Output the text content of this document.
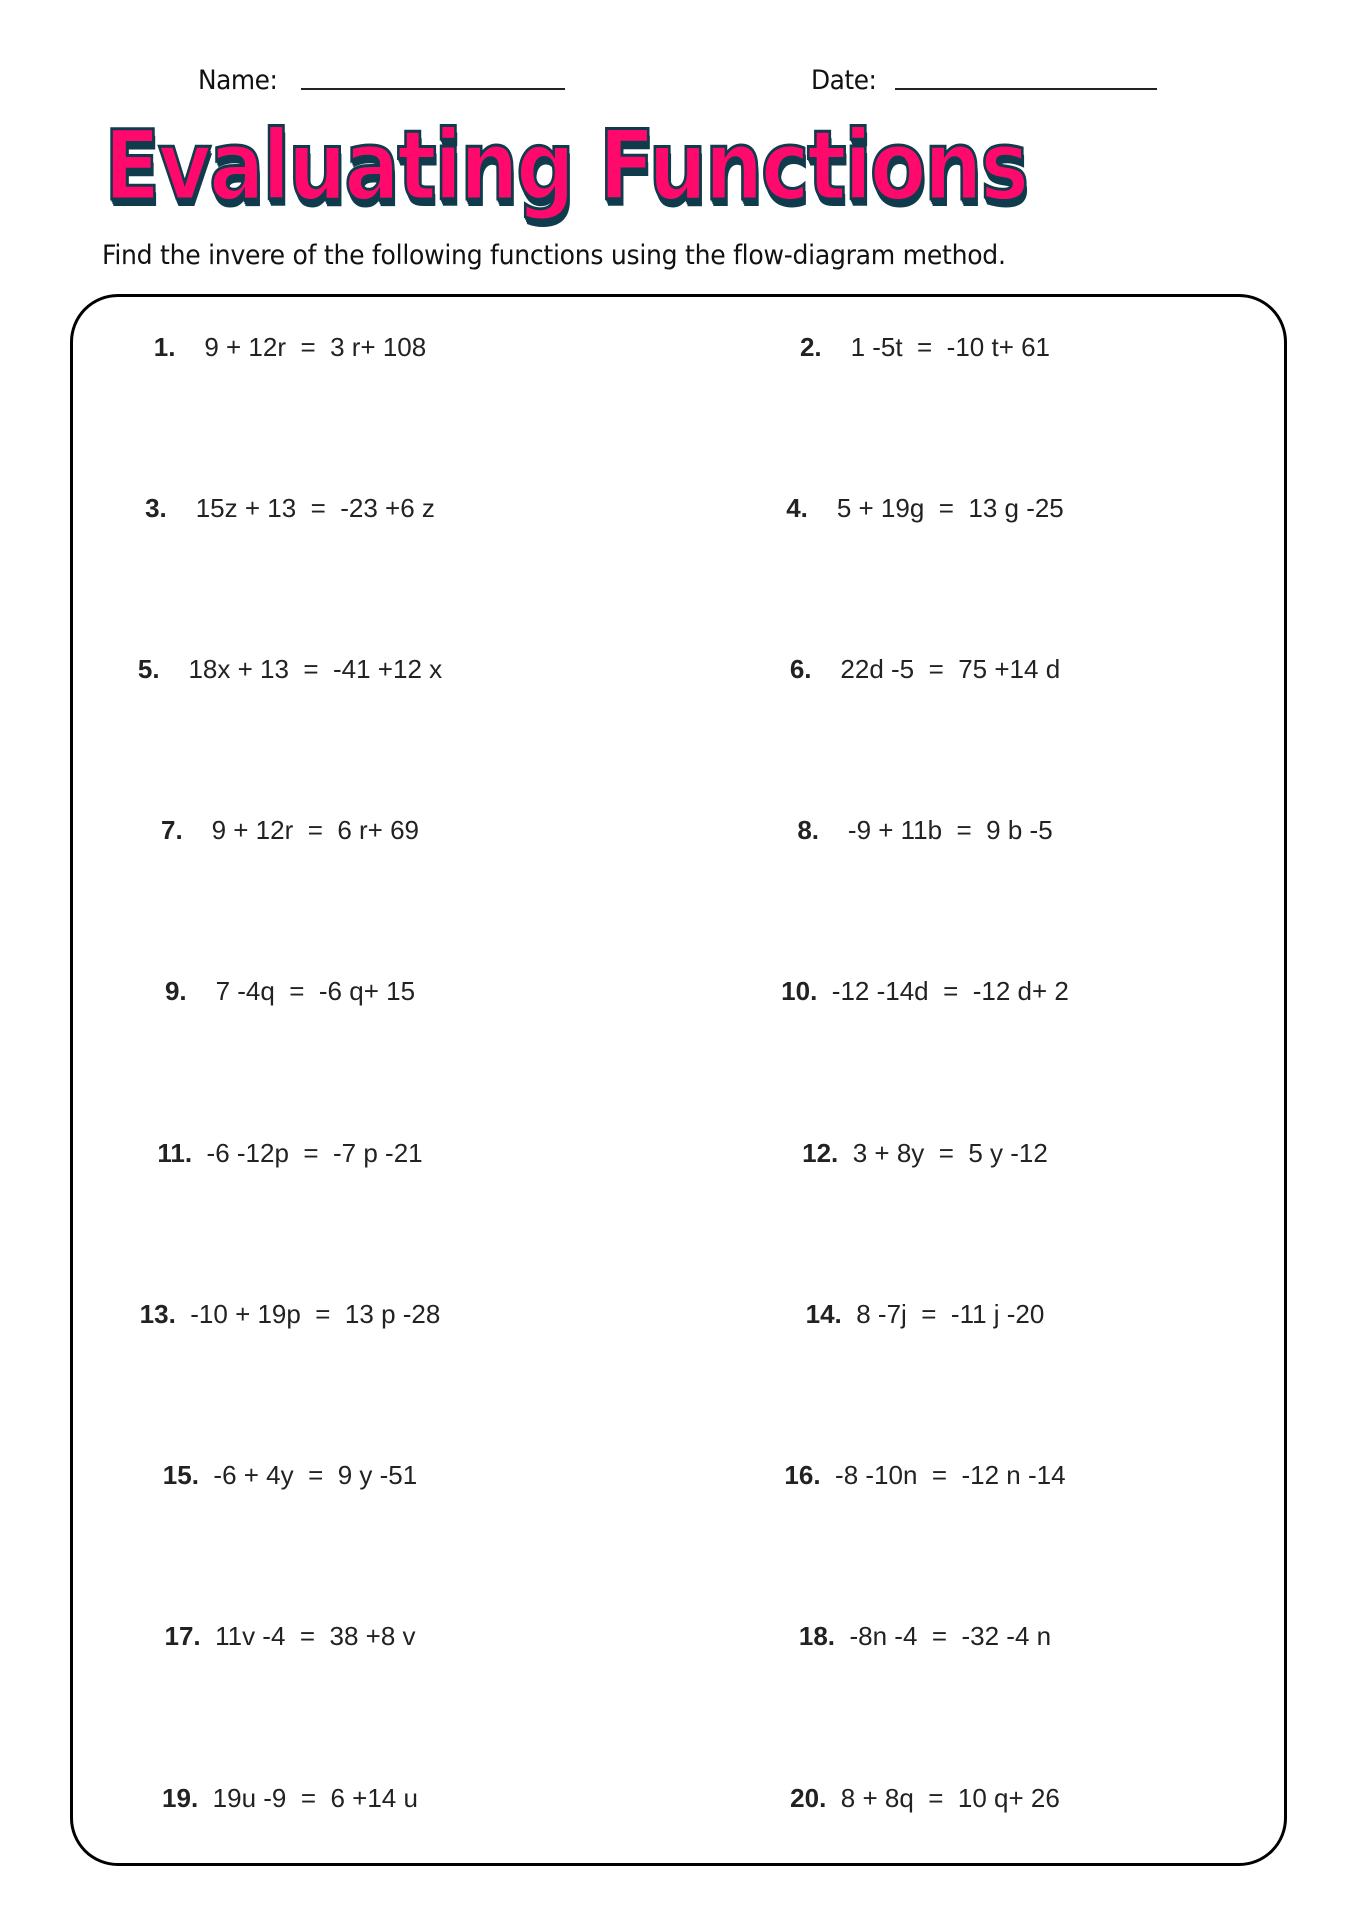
Name:	Date:
Evaluating Functions

Find the invere of the following functions using the flow-diagram method.

1. 9 + 12r  =  3 r+ 108	2. 1 -5t  =  -10 t+ 61
3. 15z + 13  =  -23 +6 z	4. 5 + 19g  =  13 g -25
5. 18x + 13  =  -41 +12 x	6. 22d -5  =  75 +14 d
7. 9 + 12r  =  6 r+ 69	8. -9 + 11b  =  9 b -5
9. 7 -4q  =  -6 q+ 15	10. -12 -14d  =  -12 d+ 2
11. -6 -12p  =  -7 p -21	12. 3 + 8y  =  5 y -12
13. -10 + 19p  =  13 p -28	14. 8 -7j  =  -11 j -20
15. -6 + 4y  =  9 y -51	16. -8 -10n  =  -12 n -14
17. 11v -4  =  38 +8 v	18. -8n -4  =  -32 -4 n
19. 19u -9  =  6 +14 u	20. 8 + 8q  =  10 q+ 26
